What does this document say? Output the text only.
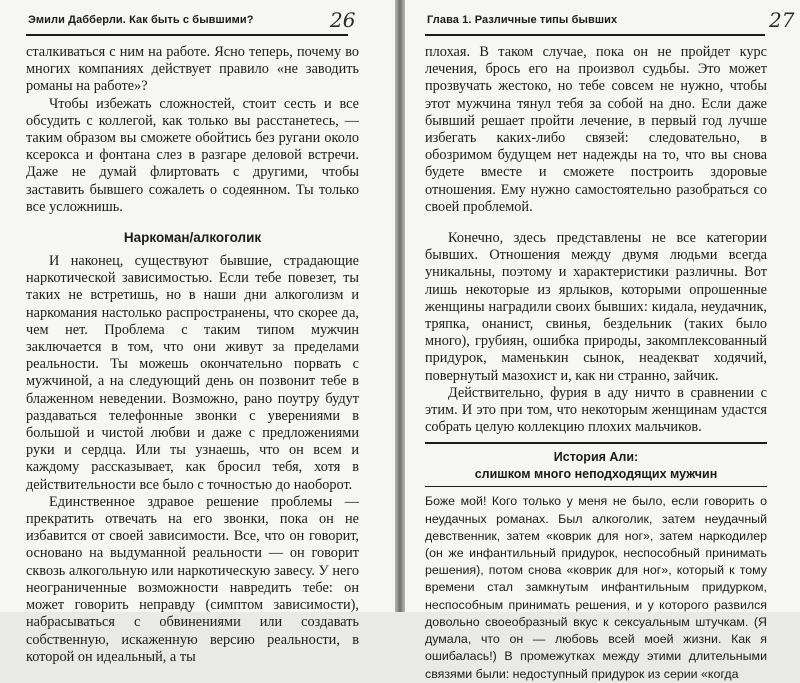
Эмили Дабберли. Как быть с бывшими?	26

сталкиваться с ним на работе. Ясно теперь, почему во многих компаниях действует правило «не заводить романы на работе»?

Чтобы избежать сложностей, стоит сесть и все обсудить с коллегой, как только вы расстанетесь, — таким образом вы сможете обойтись без ругани около ксерокса и фонтана слез в разгаре деловой встречи. Даже не думай флиртовать с другими, чтобы заставить бывшего сожалеть о содеянном. Ты только все усложнишь.

Наркоман/алкоголик

И наконец, существуют бывшие, страдающие наркотической зависимостью. Если тебе повезет, ты таких не встретишь, но в наши дни алкоголизм и наркомания настолько распространены, что скорее да, чем нет. Проблема с таким типом мужчин заключается в том, что они живут за пределами реальности. Ты можешь окончательно порвать с мужчиной, а на следующий день он позвонит тебе в блаженном неведении. Возможно, рано поутру будут раздаваться телефонные звонки с уверениями в большой и чистой любви и даже с предложениями руки и сердца. Или ты узнаешь, что он всем и каждому рассказывает, как бросил тебя, хотя в действительности все было с точностью до наоборот.

Единственное здравое решение проблемы — прекратить отвечать на его звонки, пока он не избавится от своей зависимости. Все, что он говорит, основано на выдуманной реальности — он говорит сквозь алкогольную или наркотическую завесу. У него неограниченные возможности навредить тебе: он может говорить неправду (симптом зависимости), набрасываться с обвинениями или создавать собственную, искаженную версию реальности, в которой он идеальный, а ты

Глава 1. Различные типы бывших	27

плохая. В таком случае, пока он не пройдет курс лечения, брось его на произвол судьбы. Это может прозвучать жестоко, но тебе совсем не нужно, чтобы этот мужчина тянул тебя за собой на дно. Если даже бывший решает пройти лечение, в первый год лучше избегать каких-либо связей: следовательно, в обозримом будущем нет надежды на то, что вы снова будете вместе и сможете построить здоровые отношения. Ему нужно самостоятельно разобраться со своей проблемой.

Конечно, здесь представлены не все категории бывших. Отношения между двумя людьми всегда уникальны, поэтому и характеристики различны. Вот лишь некоторые из ярлыков, которыми опрошенные женщины наградили своих бывших: кидала, неудачник, тряпка, онанист, свинья, бездельник (таких было много), грубиян, ошибка природы, закомплексованный придурок, маменькин сынок, неадекват ходячий, повернутый мазохист и, как ни странно, зайчик.

Действительно, фурия в аду ничто в сравнении с этим. И это при том, что некоторым женщинам удастся собрать целую коллекцию плохих мальчиков.

История Али:
слишком много неподходящих мужчин
Боже мой! Кого только у меня не было, если говорить о неудачных романах. Был алкоголик, затем неудачный девственник, затем «коврик для ног», затем наркодилер (он же инфантильный придурок, неспособный принимать решения), потом снова «коврик для ног», который к тому времени стал замкнутым инфантильным придурком, неспособным принимать решения, и у которого развился довольно своеобразный вкус к сексуальным штучкам. (Я думала, что он — любовь всей моей жизни. Как я ошибалась!) В промежутках между этими длительными связями были: недоступный придурок из серии «когда
